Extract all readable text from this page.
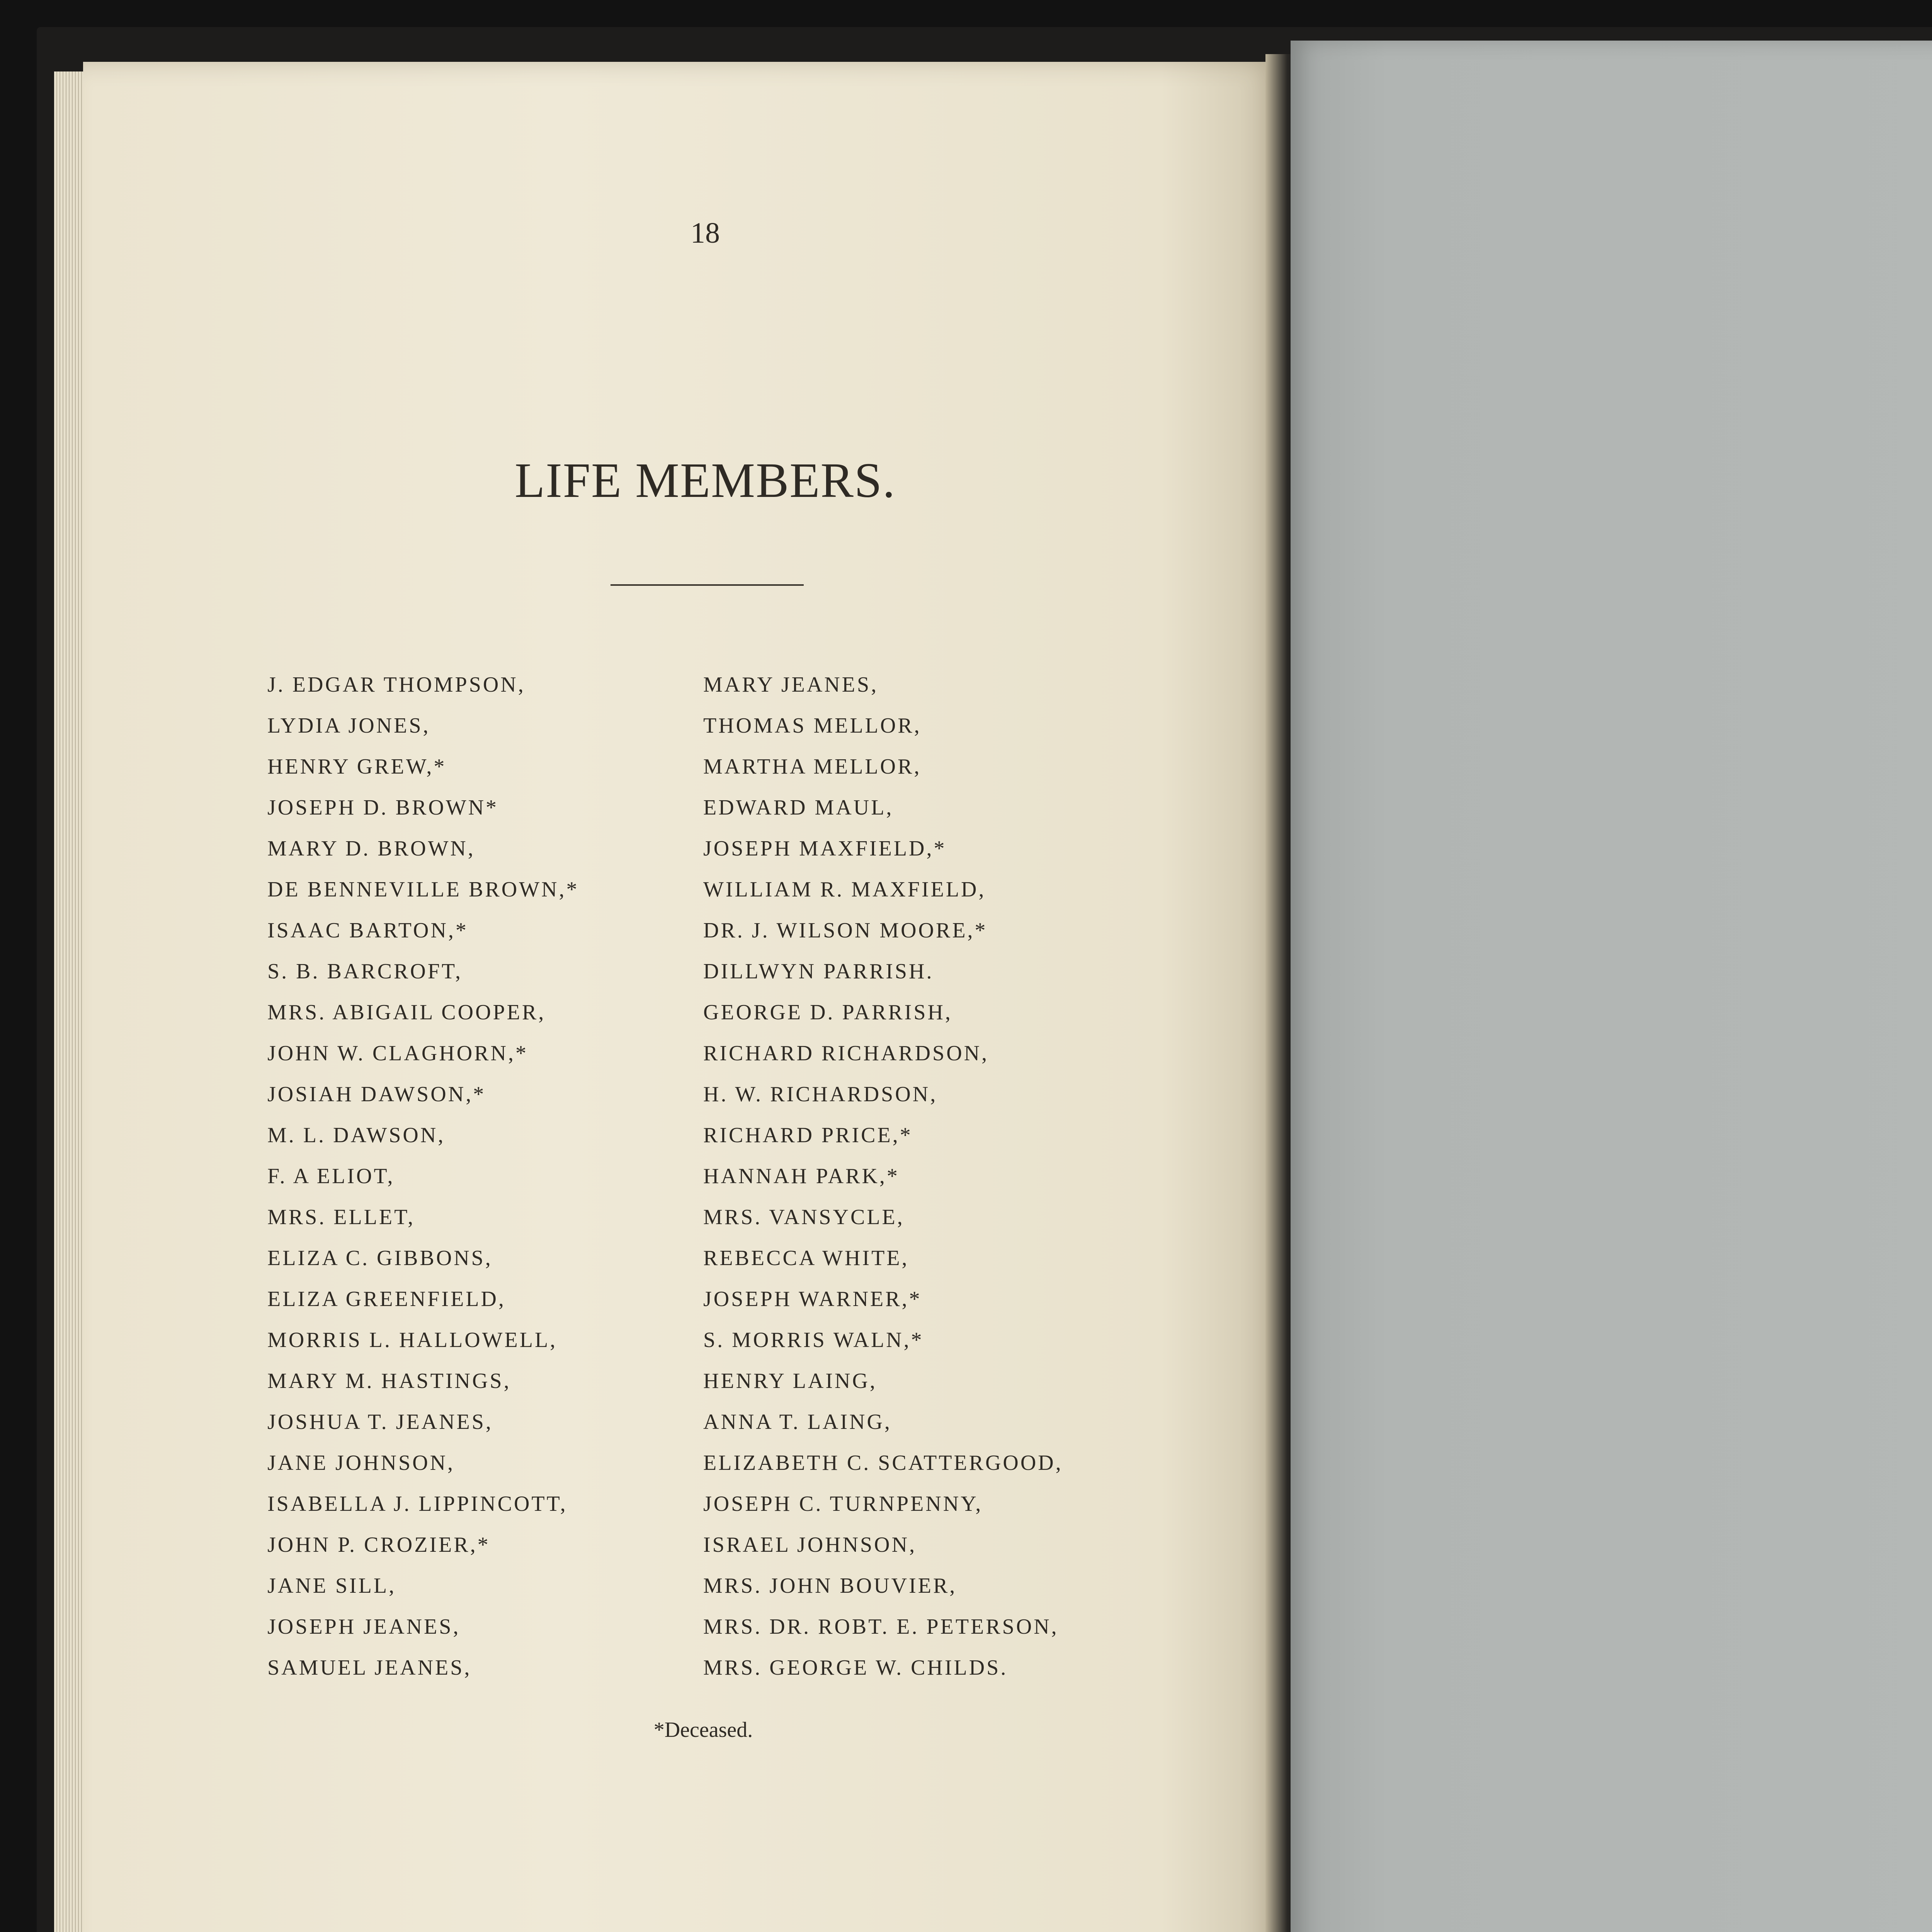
18

LIFE MEMBERS.
J. EDGAR THOMPSON,
LYDIA JONES,
HENRY GREW,*
JOSEPH D. BROWN*
MARY D. BROWN,
DE BENNEVILLE BROWN,*
ISAAC BARTON,*
S. B. BARCROFT,
MRS. ABIGAIL COOPER,
JOHN W. CLAGHORN,*
JOSIAH DAWSON,*
M. L. DAWSON,
F. A ELIOT,
MRS. ELLET,
ELIZA C. GIBBONS,
ELIZA GREENFIELD,
MORRIS L. HALLOWELL,
MARY M. HASTINGS,
JOSHUA T. JEANES,
JANE JOHNSON,
ISABELLA J. LIPPINCOTT,
JOHN P. CROZIER,*
JANE SILL,
JOSEPH JEANES,
SAMUEL JEANES,
MARY JEANES,
THOMAS MELLOR,
MARTHA MELLOR,
EDWARD MAUL,
JOSEPH MAXFIELD,*
WILLIAM R. MAXFIELD,
DR. J. WILSON MOORE,*
DILLWYN PARRISH.
GEORGE D. PARRISH,
RICHARD RICHARDSON,
H. W. RICHARDSON,
RICHARD PRICE,*
HANNAH PARK,*
MRS. VANSYCLE,
REBECCA WHITE,
JOSEPH WARNER,*
S. MORRIS WALN,*
HENRY LAING,
ANNA T. LAING,
ELIZABETH C. SCATTERGOOD,
JOSEPH C. TURNPENNY,
ISRAEL JOHNSON,
MRS. JOHN BOUVIER,
MRS. DR. ROBT. E. PETERSON,
MRS. GEORGE W. CHILDS.

*Deceased.
